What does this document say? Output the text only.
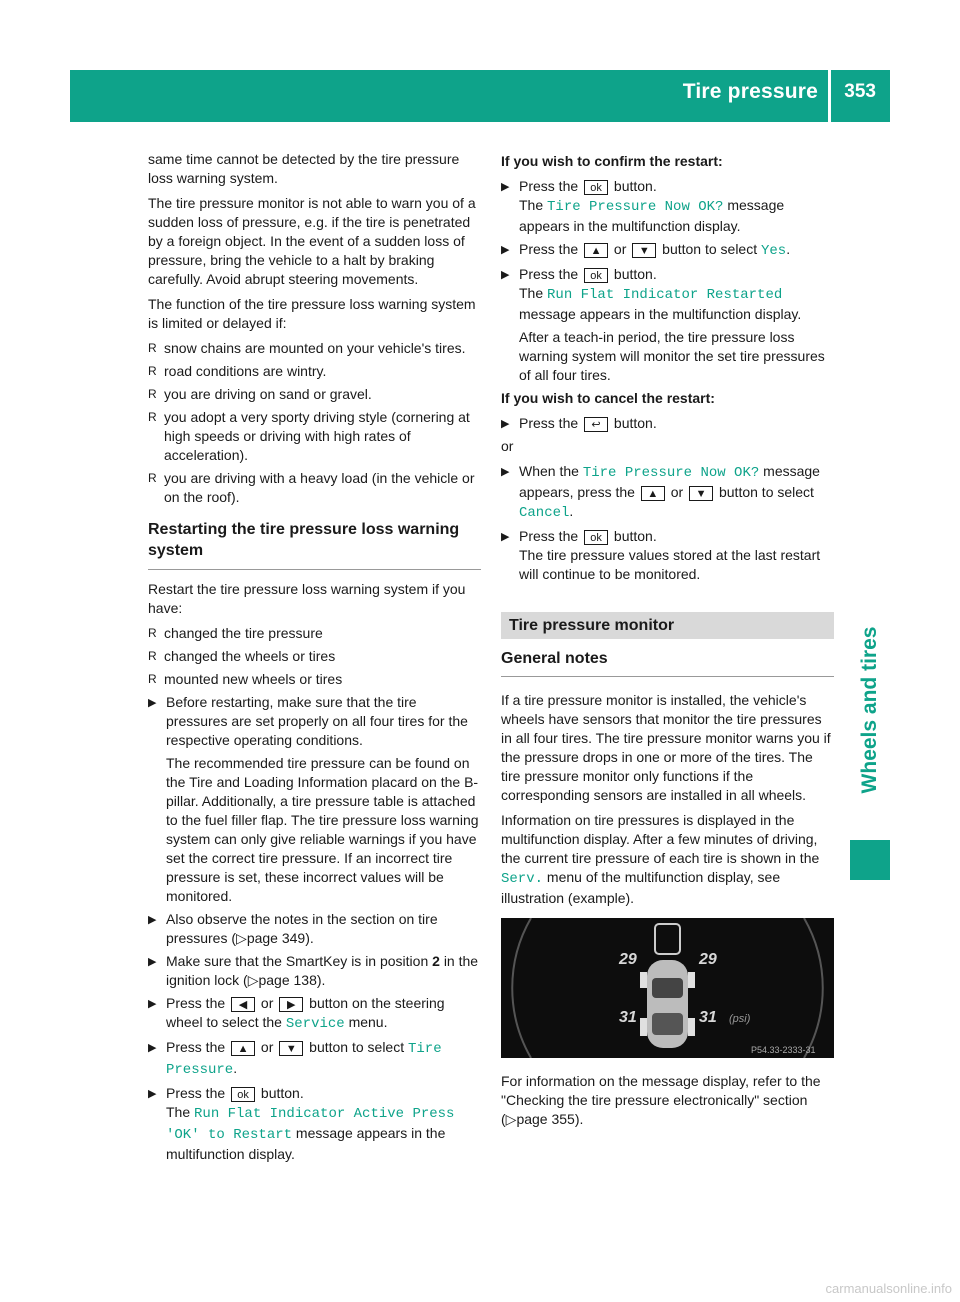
Tire pressure 353
Wheels and tires

same time cannot be detected by the tire pressure loss warning system.

The tire pressure monitor is not able to warn you of a sudden loss of pressure, e.g. if the tire is penetrated by a foreign object. In the event of a sudden loss of pressure, bring the vehicle to a halt by braking carefully. Avoid abrupt steering movements.

The function of the tire pressure loss warning system is limited or delayed if:

R snow chains are mounted on your vehicle's tires.
R road conditions are wintry.
R you are driving on sand or gravel.
R you adopt a very sporty driving style (cornering at high speeds or driving with high rates of acceleration).
R you are driving with a heavy load (in the vehicle or on the roof).
Restarting the tire pressure loss warning system

Restart the tire pressure loss warning system if you have:

R changed the tire pressure
R changed the wheels or tires
R mounted new wheels or tires
▶ Before restarting, make sure that the tire pressures are set properly on all four tires for the respective operating conditions.
The recommended tire pressure can be found on the Tire and Loading Information placard on the B-pillar. Additionally, a tire pressure table is attached to the fuel filler flap. The tire pressure loss warning system can only give reliable warnings if you have set the correct tire pressure. If an incorrect tire pressure is set, these incorrect values will be monitored.
▶ Also observe the notes in the section on tire pressures (▷page 349).
▶ Make sure that the SmartKey is in position 2 in the ignition lock (▷page 138).
▶ Press the ◀ or ▶ button on the steering wheel to select the Service menu.
▶ Press the ▲ or ▼ button to select Tire Pressure.
▶ Press the ok button.
The Run Flat Indicator Active Press 'OK' to Restart message appears in the multifunction display.
If you wish to confirm the restart:
▶ Press the ok button.
The Tire Pressure Now OK? message appears in the multifunction display.
▶ Press the ▲ or ▼ button to select Yes.
▶ Press the ok button.
The Run Flat Indicator Restarted message appears in the multifunction display.
After a teach-in period, the tire pressure loss warning system will monitor the set tire pressures of all four tires.
If you wish to cancel the restart:
▶ Press the ↩ button.

or

▶ When the Tire Pressure Now OK? message appears, press the ▲ or ▼ button to select Cancel.
▶ Press the ok button.
The tire pressure values stored at the last restart will continue to be monitored.
Tire pressure monitor
General notes

If a tire pressure monitor is installed, the vehicle's wheels have sensors that monitor the tire pressures in all four tires. The tire pressure monitor warns you if the pressure drops in one or more of the tires. The tire pressure monitor only functions if the corresponding sensors are installed in all wheels.

Information on tire pressures is displayed in the multifunction display. After a few minutes of driving, the current tire pressure of each tire is shown in the Serv. menu of the multifunction display, see illustration (example).

29	29
31	31 (psi)
P54.33-2333-31

For information on the message display, refer to the "Checking the tire pressure electronically" section (▷page 355).

carmanualsonline.info
